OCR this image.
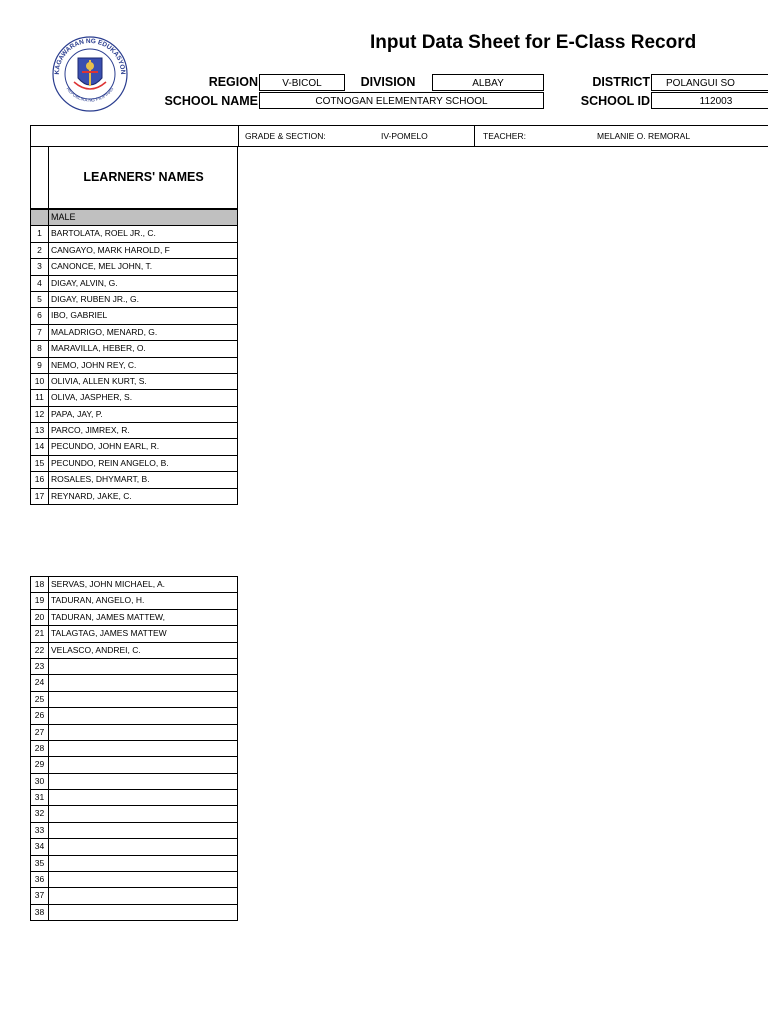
KAGAWARAN NG EDUKASYON
REPUBLIKA NG PILIPINAS
Input Data Sheet for E-Class Record
REGION	V-BICOL	DIVISION	ALBAY	DISTRICT	POLANGUI SO
SCHOOL NAME	COTNOGAN ELEMENTARY SCHOOL	SCHOOL ID	112003
GRADE & SECTION:	IV-POMELO	TEACHER:	MELANIE O. REMORAL
LEARNERS' NAMES
MALE
1	BARTOLATA, ROEL JR., C.
2	CANGAYO, MARK HAROLD, F
3	CANONCE, MEL JOHN, T.
4	DIGAY, ALVIN, G.
5	DIGAY, RUBEN JR., G.
6	IBO, GABRIEL
7	MALADRIGO, MENARD, G.
8	MARAVILLA, HEBER, O.
9	NEMO, JOHN REY, C.
10 OLIVIA, ALLEN KURT, S.
11 OLIVA, JASPHER, S.
12 PAPA, JAY, P.
13 PARCO, JIMREX, R.
14 PECUNDO, JOHN EARL, R.
15 PECUNDO, REIN ANGELO, B.
16 ROSALES, DHYMART, B.
17 REYNARD, JAKE, C.
18 SERVAS, JOHN MICHAEL, A.
19 TADURAN, ANGELO, H.
20 TADURAN, JAMES MATTEW,
21 TALAGTAG, JAMES MATTEW
22 VELASCO, ANDREI, C.
23
24
25
26
27
28
29
30
31
32
33
34
35
36
37
38
